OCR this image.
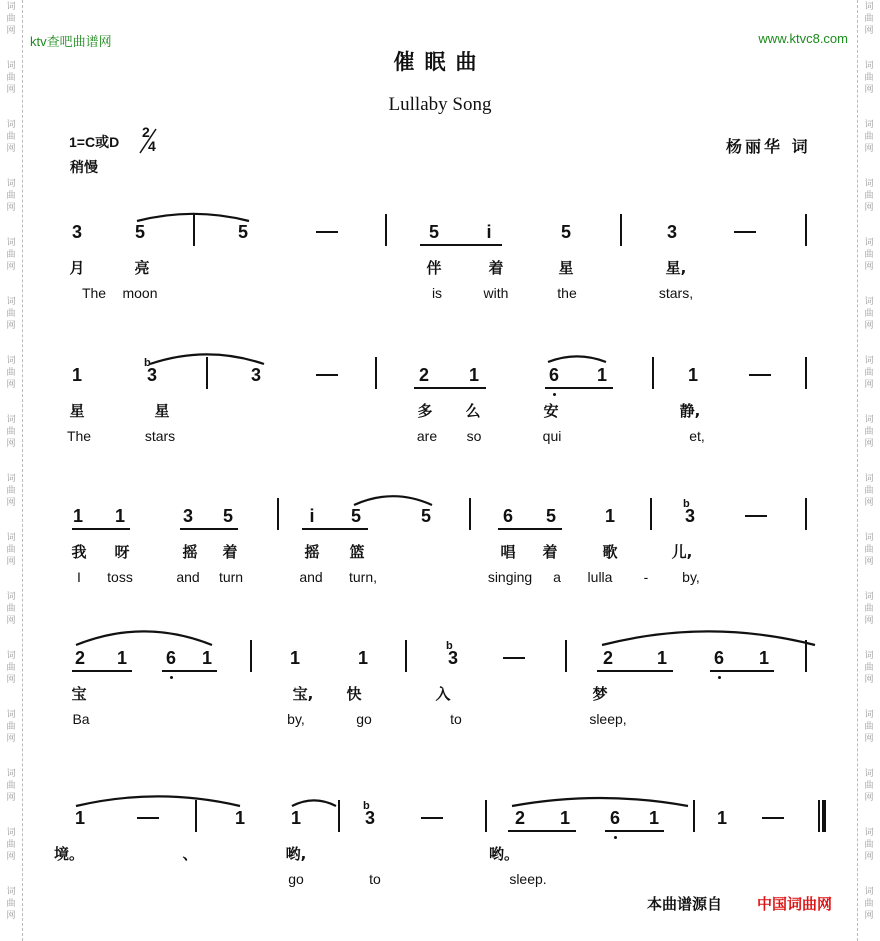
词
曲
网
词
曲
网
词
曲
网
词
曲
网
词
曲
网
词
曲
网
词
曲
网
词
曲
网
词
曲
网
词
曲
网
词
曲
网
词
曲
网
词
曲
网
词
曲
网
词
曲
网
词
曲
网
词
曲
网
词
曲
网
词
曲
网
词
曲
网
词
曲
网
词
曲
网
词
曲
网
词
曲
网
词
曲
网
词
曲
网
词
曲
网
词
曲
网
词
曲
网
词
曲
网
词
曲
网
词
曲
网
ktv查吧曲谱网	www.ktvc8.com
催眠曲
Lullaby Song
1=C或D
2
4
稍慢
杨丽华 词
3	5	5	5	i	5	3
月	亮	伴	着	星	星,
The moon	is	with	the	stars,
1	3	3	2 1	6 1	1
b
星	星	多 么	安	静,
The	stars	are so	qui	et,
1 1	3 5	i 5	5	6 5	1	3
b
我 呀	摇 着	摇 篮	唱 着	歌	儿,
I toss	and turn	and turn,	singing a lulla - by,
2 1 6 1	1	1	3	2 1	6 1
b
宝	宝, 快	入	梦
Ba	by,	go	to	sleep,
1	1	1	3	2 1 6 1	1
b
境。	、	哟,	哟。
go	to	sleep.
本曲谱源自 中国词曲网
